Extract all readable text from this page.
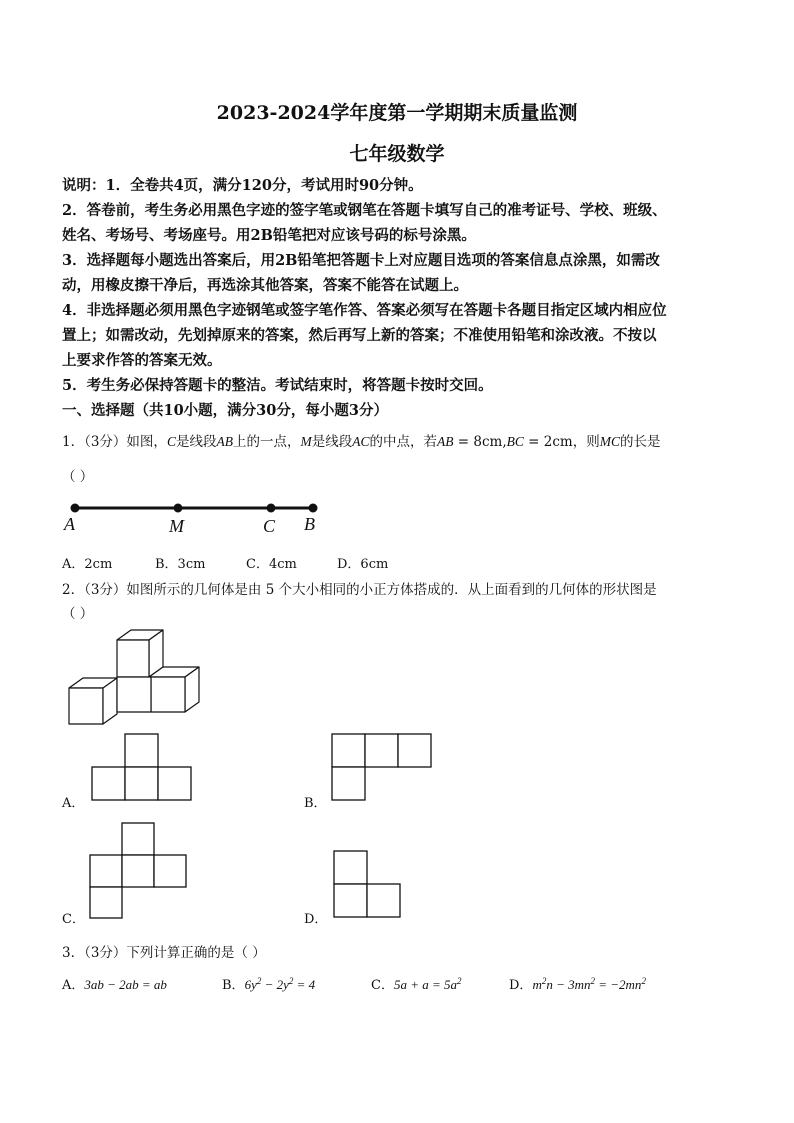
2023-2024学年度第一学期期末质量监测
七年级数学
说明：1．全卷共4页，满分120分，考试用时90分钟。
2．答卷前，考生务必用黑色字迹的签字笔或钢笔在答题卡填写自己的准考证号、学校、班级、
姓名、考场号、考场座号。用2B铅笔把对应该号码的标号涂黑。
3．选择题每小题选出答案后，用2B铅笔把答题卡上对应题目选项的答案信息点涂黑，如需改
动，用橡皮擦干净后，再选涂其他答案，答案不能答在试题上。
4．非选择题必须用黑色字迹钢笔或签字笔作答、答案必须写在答题卡各题目指定区域内相应位
置上；如需改动，先划掉原来的答案，然后再写上新的答案；不准使用铅笔和涂改液。不按以
上要求作答的答案无效。
5．考生务必保持答题卡的整洁。考试结束时，将答题卡按时交回。
一、选择题（共10小题，满分30分，每小题3分）
1．（3分）如图，C是线段AB上的一点，M是线段AC的中点，若AB = 8cm,BC = 2cm，则MC的长是
（ ）
A	M	C B
A．2cm	B．3cm	C．4cm	D．6cm
2．（3分）如图所示的几何体是由 5 个大小相同的小正方体搭成的．从上面看到的几何体的形状图是
（ ）
A．	B．
C．	D．
3．（3分）下列计算正确的是（ ）
A．3ab − 2ab = ab	B．$6y^2 - 2y^2 = 4$	C．$5a + a = 5a^2$	D．$m^2n - 3mn^2 = -2mn^2$
